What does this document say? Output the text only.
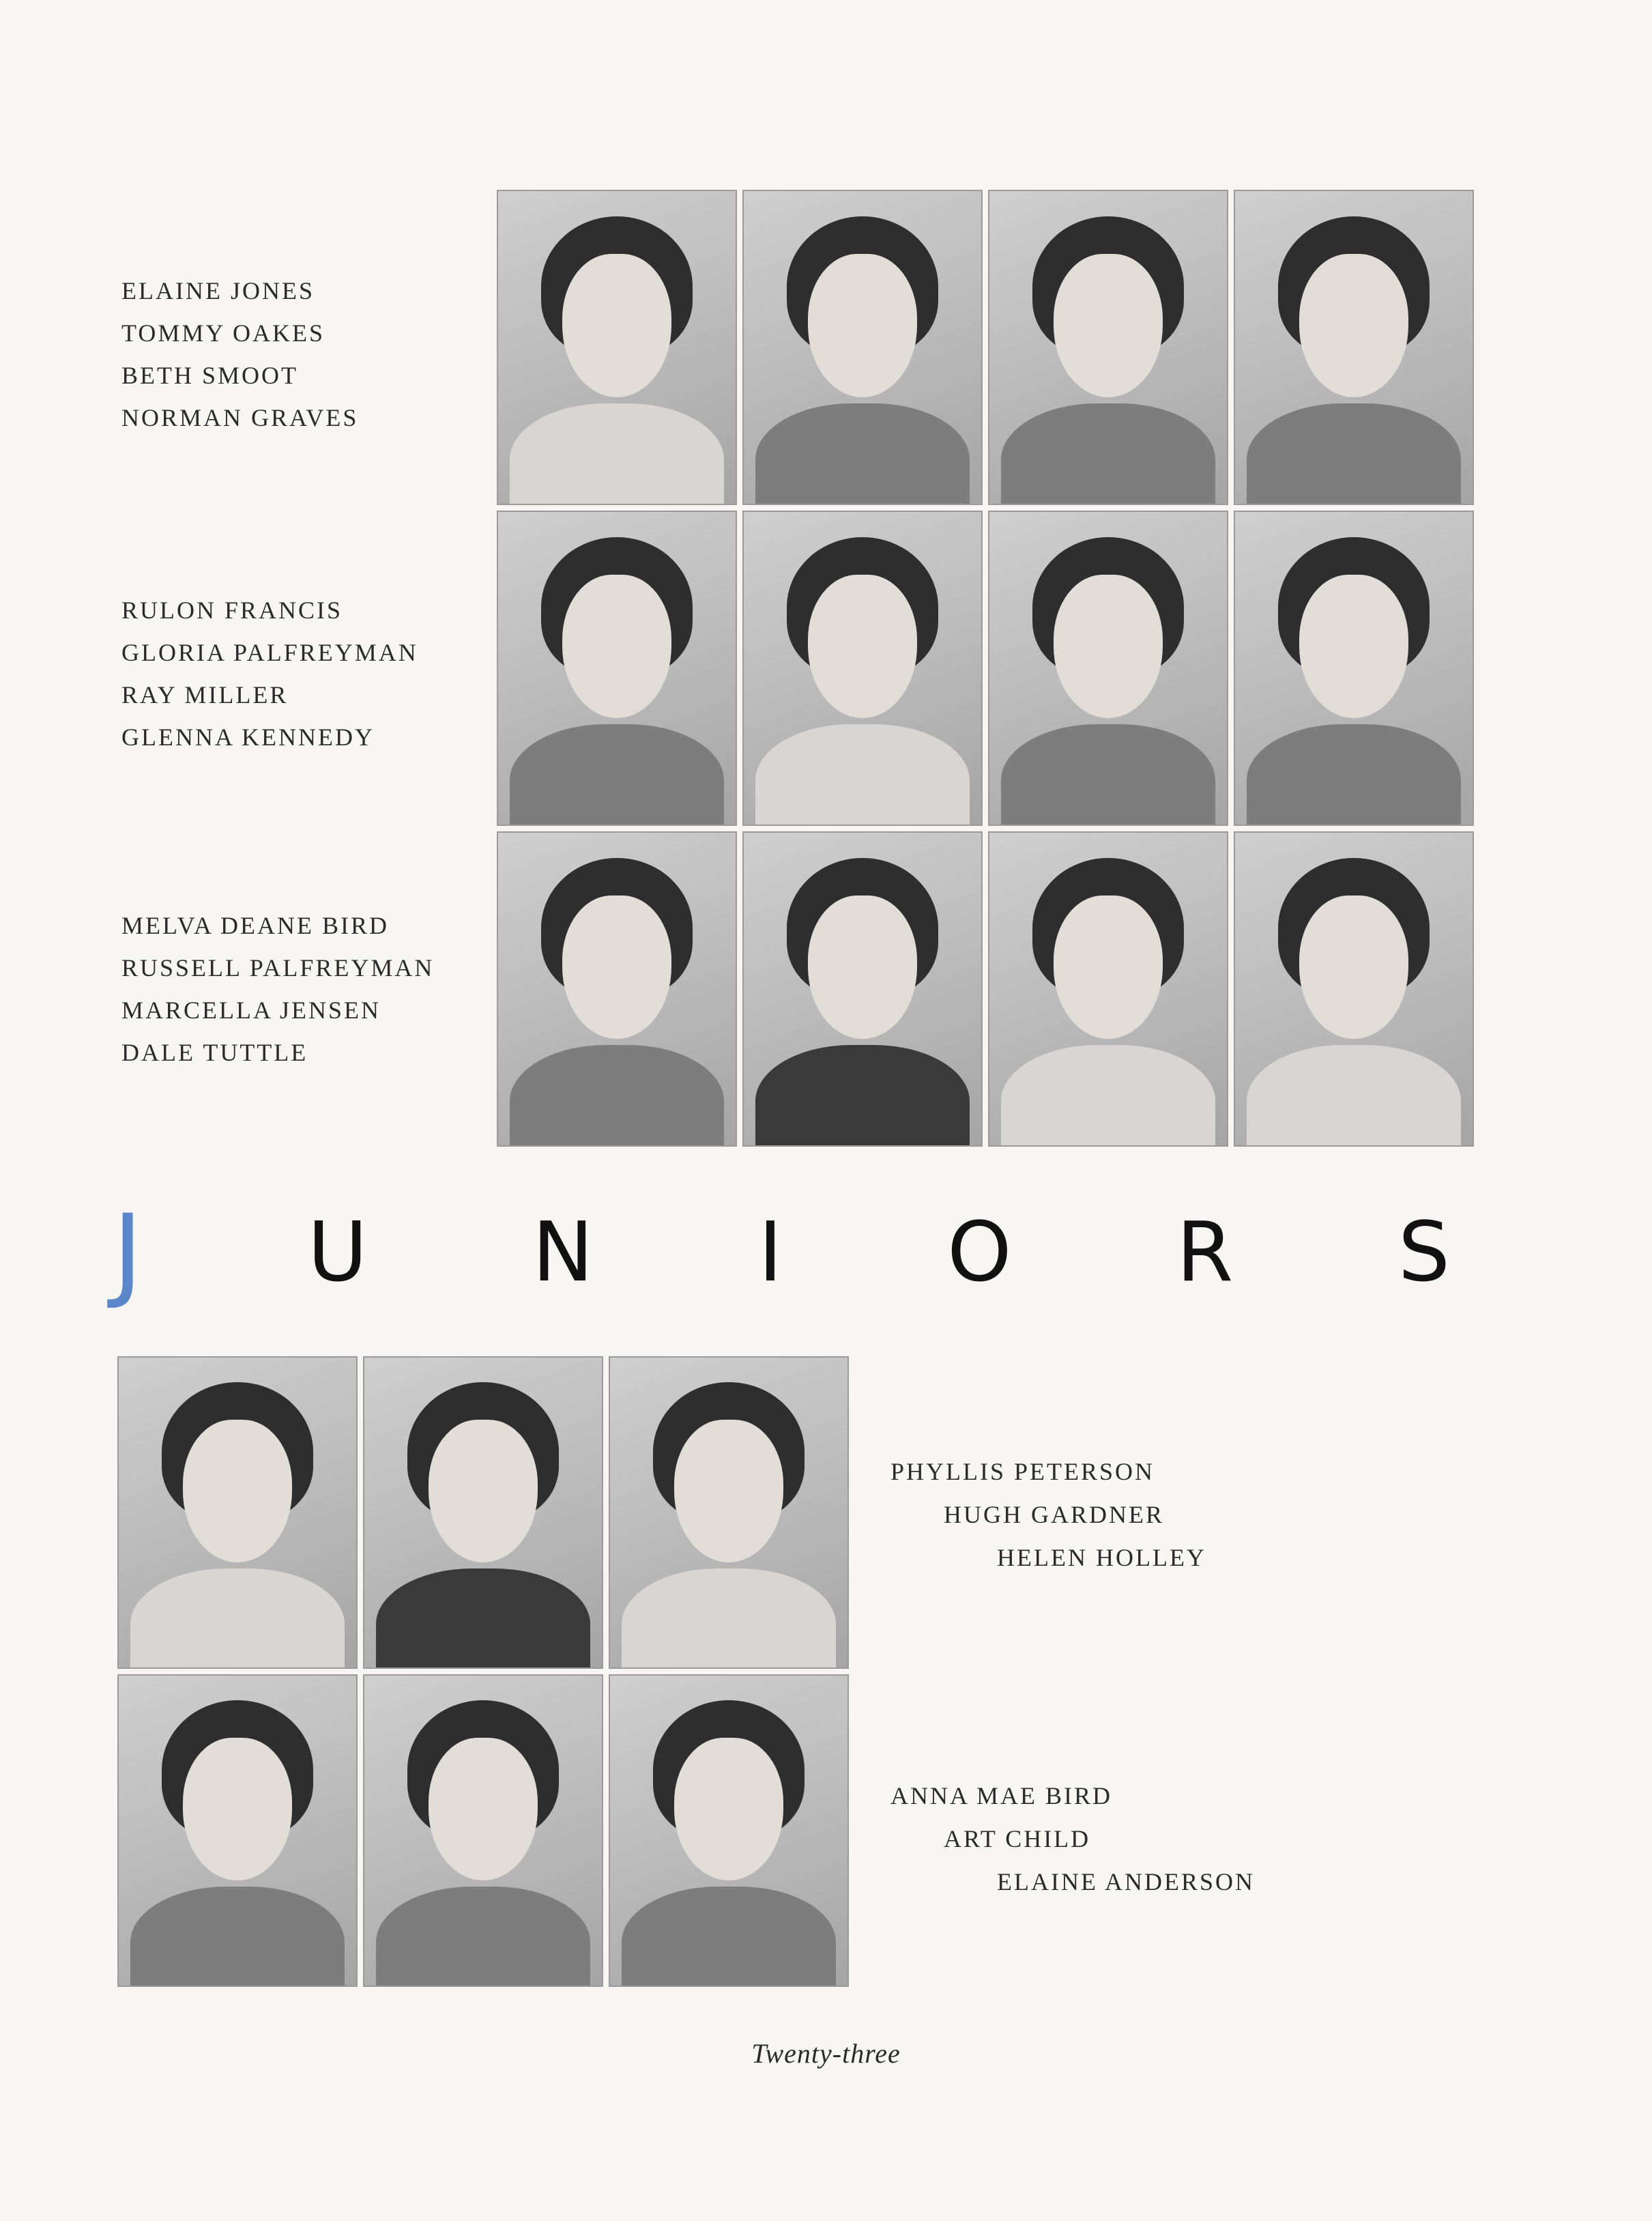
ELAINE JONES
TOMMY OAKES
BETH SMOOT
NORMAN GRAVES
RULON FRANCIS
GLORIA PALFREYMAN
RAY MILLER
GLENNA KENNEDY
MELVA DEANE BIRD
RUSSELL PALFREYMAN
MARCELLA JENSEN
DALE TUTTLE
J U N I O R S
PHYLLIS PETERSON
HUGH GARDNER
HELEN HOLLEY
ANNA MAE BIRD
ART CHILD
ELAINE ANDERSON
Twenty-three
